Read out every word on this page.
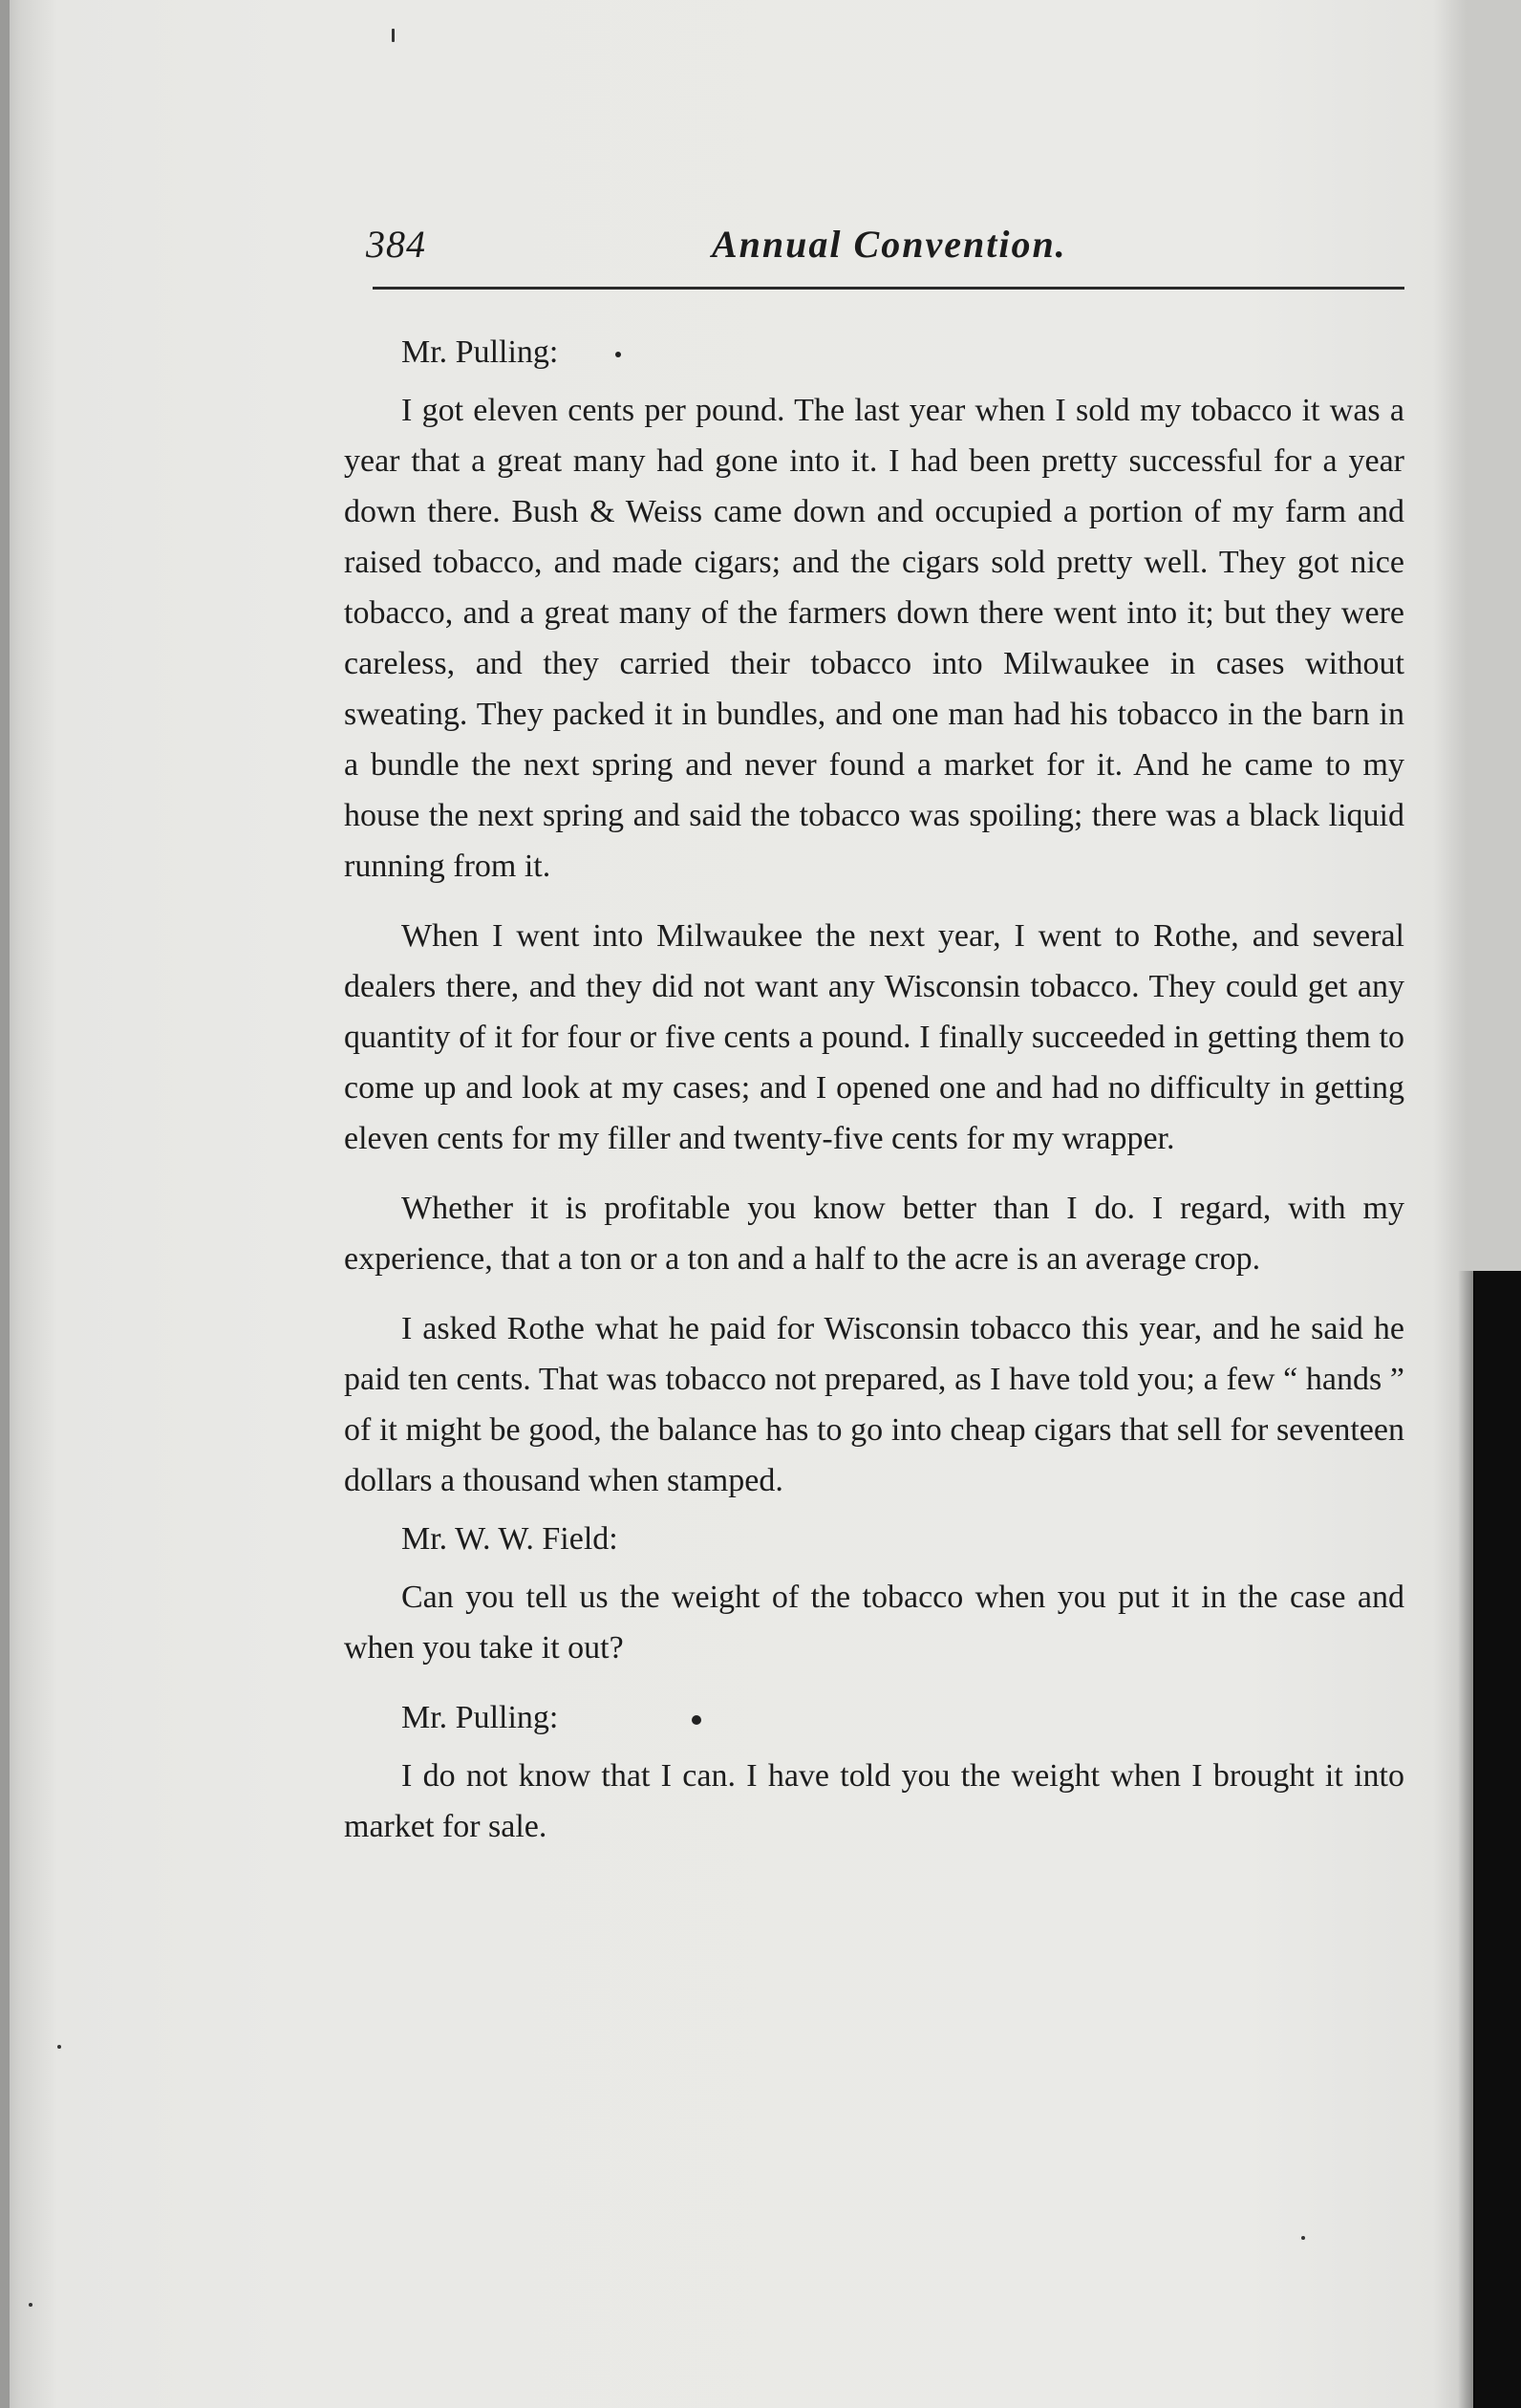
384	Annual Convention.

Mr. Pulling:

I got eleven cents per pound. The last year when I sold my tobacco it was a year that a great many had gone into it. I had been pretty successful for a year down there. Bush & Weiss came down and occupied a portion of my farm and raised tobacco, and made cigars; and the cigars sold pretty well. They got nice tobacco, and a great many of the farmers down there went into it; but they were careless, and they carried their tobacco into Milwaukee in cases without sweating. They packed it in bundles, and one man had his tobacco in the barn in a bundle the next spring and never found a market for it. And he came to my house the next spring and said the tobacco was spoiling; there was a black liquid running from it.

When I went into Milwaukee the next year, I went to Rothe, and several dealers there, and they did not want any Wisconsin tobacco. They could get any quantity of it for four or five cents a pound. I finally succeeded in getting them to come up and look at my cases; and I opened one and had no difficulty in getting eleven cents for my filler and twenty-five cents for my wrapper.

Whether it is profitable you know better than I do. I regard, with my experience, that a ton or a ton and a half to the acre is an average crop.

I asked Rothe what he paid for Wisconsin tobacco this year, and he said he paid ten cents. That was tobacco not prepared, as I have told you; a few “ hands ” of it might be good, the balance has to go into cheap cigars that sell for seventeen dollars a thousand when stamped.

Mr. W. W. Field:

Can you tell us the weight of the tobacco when you put it in the case and when you take it out?

Mr. Pulling:

I do not know that I can. I have told you the weight when I brought it into market for sale.
